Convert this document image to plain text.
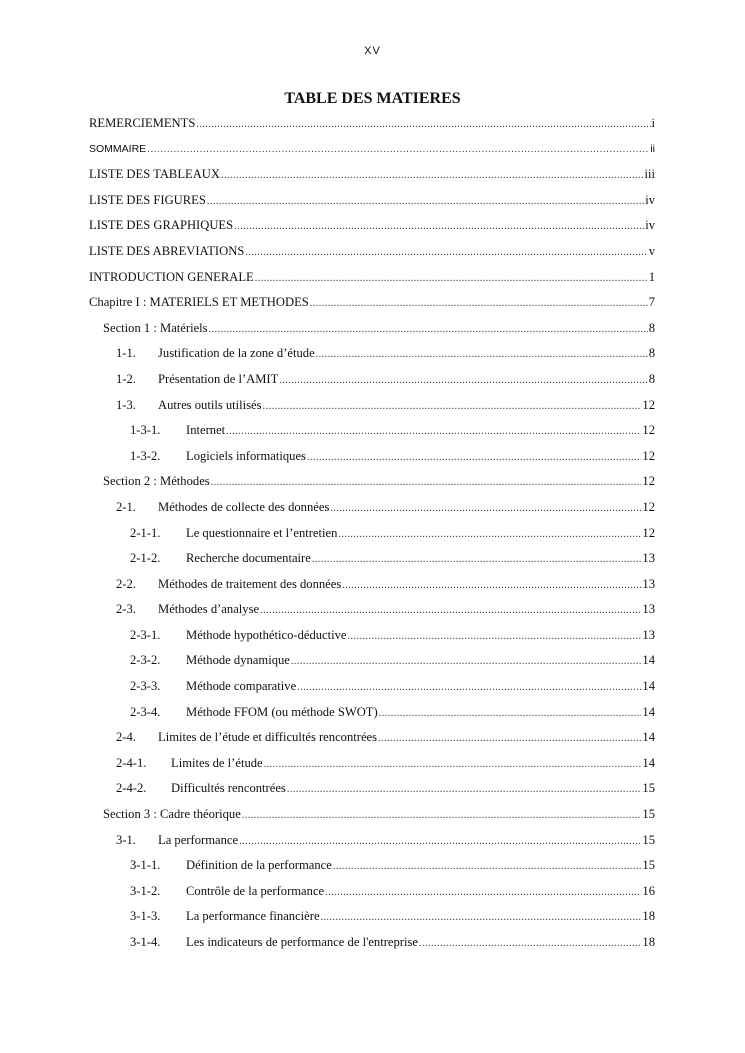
XV
TABLE DES MATIERES
REMERCIEMENTS .....	i
SOMMAIRE .....	ii
LISTE DES TABLEAUX .....	iii
LISTE DES FIGURES .....	iv
LISTE DES GRAPHIQUES .....	iv
LISTE DES ABREVIATIONS .....	v
INTRODUCTION GENERALE .....	1
Chapitre I : MATERIELS ET METHODES .....	7
Section 1 : Matériels .....	8
1-1.	Justification de la zone d’étude .....	8
1-2.	Présentation de l’AMIT .....	8
1-3.	Autres outils utilisés .....	12
1-3-1.	Internet .....	12
1-3-2.	Logiciels informatiques .....	12
Section 2 : Méthodes .....	12
2-1.	Méthodes de collecte des données .....	12
2-1-1.	Le questionnaire et l’entretien .....	12
2-1-2.	Recherche documentaire .....	13
2-2.	Méthodes de traitement des données .....	13
2-3.	Méthodes d’analyse .....	13
2-3-1.	Méthode hypothético-déductive .....	13
2-3-2.	Méthode dynamique .....	14
2-3-3.	Méthode comparative .....	14
2-3-4.	Méthode FFOM (ou méthode SWOT) .....	14
2-4.	Limites de l’étude et difficultés rencontrées .....	14
2-4-1.	Limites de l’étude .....	14
2-4-2.	Difficultés rencontrées .....	15
Section 3 : Cadre théorique .....	15
3-1.	La performance .....	15
3-1-1.	Définition de la performance .....	15
3-1-2.	Contrôle de la performance .....	16
3-1-3.	La performance financière .....	18
3-1-4.	Les indicateurs de performance de l'entreprise .....	18
